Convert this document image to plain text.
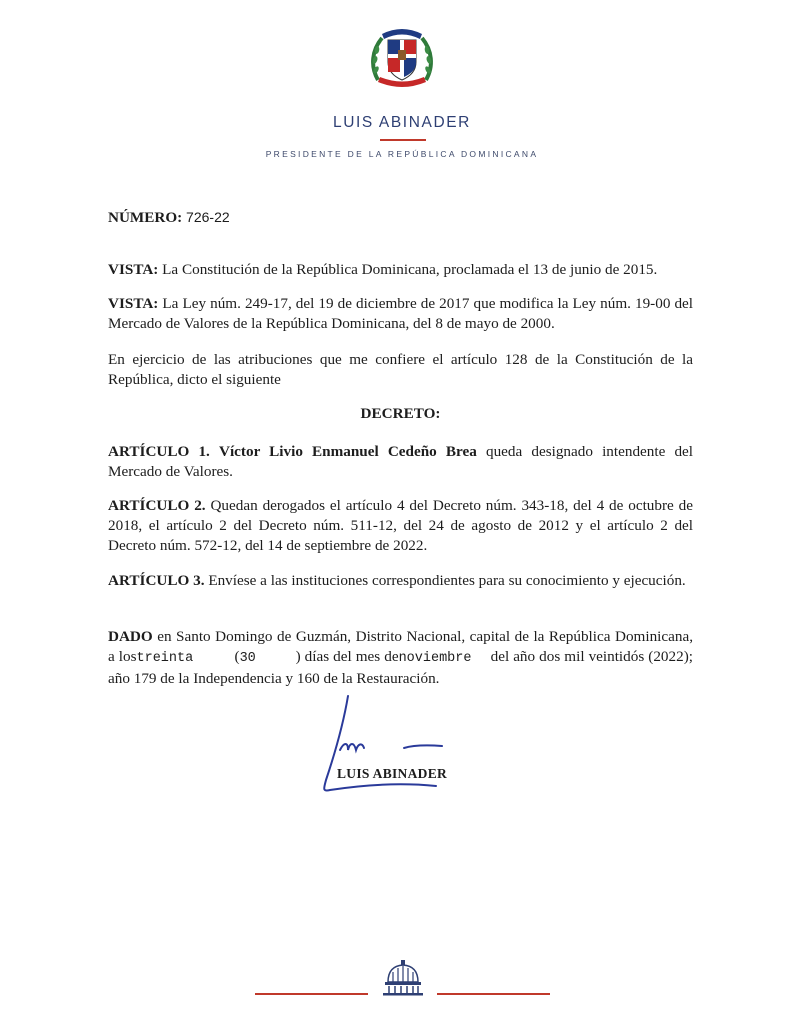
LUIS ABINADER
PRESIDENTE DE LA REPÚBLICA DOMINICANA
NÚMERO: 726-22
VISTA: La Constitución de la República Dominicana, proclamada el 13 de junio de 2015.
VISTA: La Ley núm. 249-17, del 19 de diciembre de 2017 que modifica la Ley núm. 19-00 del Mercado de Valores de la República Dominicana, del 8 de mayo de 2000.
En ejercicio de las atribuciones que me confiere el artículo 128 de la Constitución de la República, dicto el siguiente
DECRETO:
ARTÍCULO 1. Víctor Livio Enmanuel Cedeño Brea queda designado intendente del Mercado de Valores.
ARTÍCULO 2. Quedan derogados el artículo 4 del Decreto núm. 343-18, del 4 de octubre de 2018, el artículo 2 del Decreto núm. 511-12, del 24 de agosto de 2012 y el artículo 2 del Decreto núm. 572-12, del 14 de septiembre de 2022.
ARTÍCULO 3. Envíese a las instituciones correspondientes para su conocimiento y ejecución.
DADO en Santo Domingo de Guzmán, Distrito Nacional, capital de la República Dominicana, a lostreinta	(30	) días del mes denoviembre del año dos mil veintidós (2022); año 179 de la Independencia y 160 de la Restauración.
LUIS ABINADER
